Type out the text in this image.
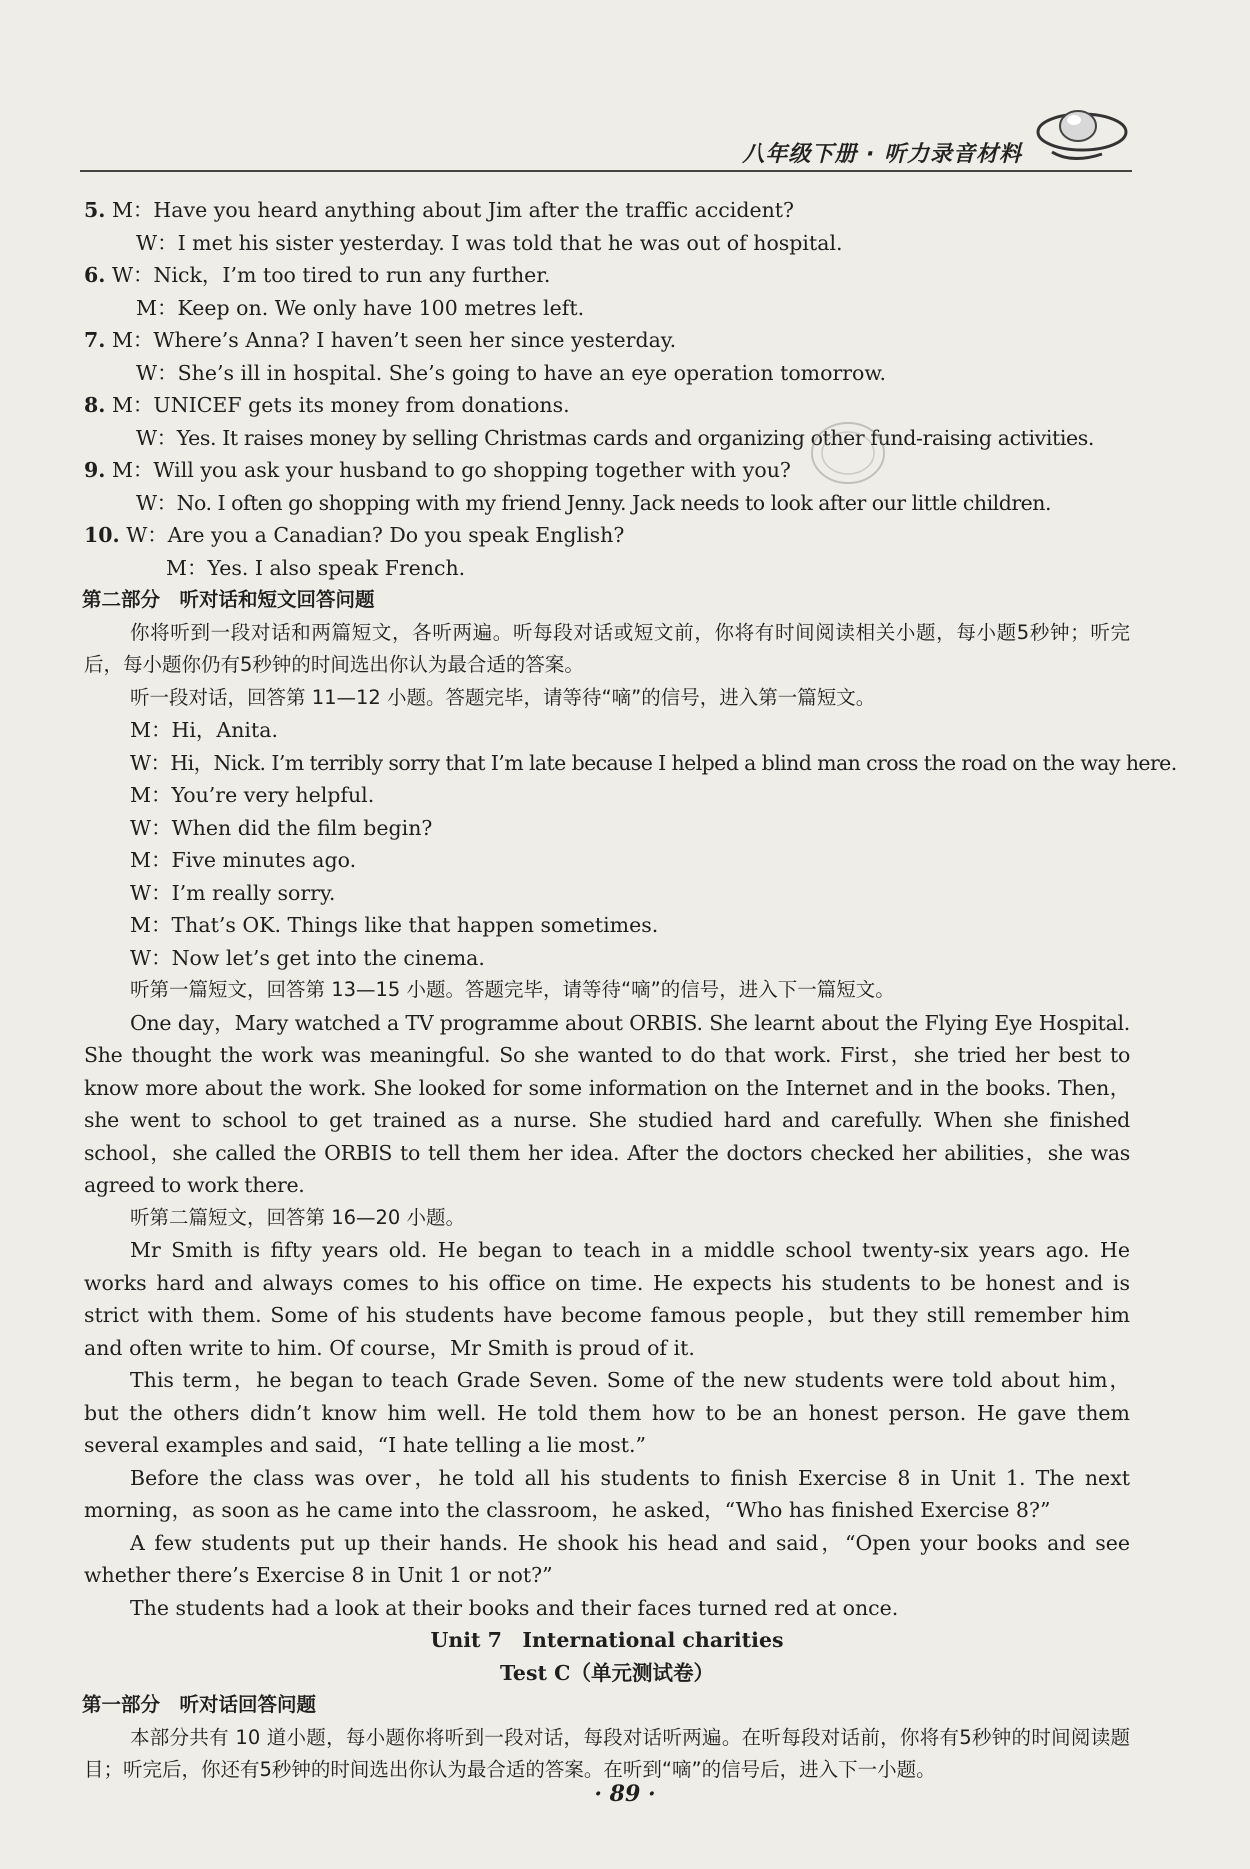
八年级下册 · 听力录音材料
5. M：Have you heard anything about Jim after the traffic accident?
W：I met his sister yesterday. I was told that he was out of hospital.
6. W：Nick，I’m too tired to run any further.
M：Keep on. We only have 100 metres left.
7. M：Where’s Anna? I haven’t seen her since yesterday.
W：She’s ill in hospital. She’s going to have an eye operation tomorrow.
8. M：UNICEF gets its money from donations.
W：Yes. It raises money by selling Christmas cards and organizing other fund-raising activities.
9. M：Will you ask your husband to go shopping together with you?
W：No. I often go shopping with my friend Jenny. Jack needs to look after our little children.
10. W：Are you a Canadian? Do you speak English?
M：Yes. I also speak French.
第二部分　听对话和短文回答问题
你将听到一段对话和两篇短文，各听两遍。听每段对话或短文前，你将有时间阅读相关小题，每小题5秒钟；听完后，每小题你仍有5秒钟的时间选出你认为最合适的答案。
听一段对话，回答第 11—12 小题。答题完毕，请等待“嘀”的信号，进入第一篇短文。
M：Hi，Anita.
W：Hi，Nick. I’m terribly sorry that I’m late because I helped a blind man cross the road on the way here.
M：You’re very helpful.
W：When did the film begin?
M：Five minutes ago.
W：I’m really sorry.
M：That’s OK. Things like that happen sometimes.
W：Now let’s get into the cinema.
听第一篇短文，回答第 13—15 小题。答题完毕，请等待“嘀”的信号，进入下一篇短文。
One day，Mary watched a TV programme about ORBIS. She learnt about the Flying Eye Hospital. She thought the work was meaningful. So she wanted to do that work. First，she tried her best to know more about the work. She looked for some information on the Internet and in the books. Then，she went to school to get trained as a nurse. She studied hard and carefully. When she finished school，she called the ORBIS to tell them her idea. After the doctors checked her abilities，she was agreed to work there.
听第二篇短文，回答第 16—20 小题。
Mr Smith is fifty years old. He began to teach in a middle school twenty-six years ago. He works hard and always comes to his office on time. He expects his students to be honest and is strict with them. Some of his students have become famous people，but they still remember him and often write to him. Of course，Mr Smith is proud of it.
This term，he began to teach Grade Seven. Some of the new students were told about him，but the others didn’t know him well. He told them how to be an honest person. He gave them several examples and said，“I hate telling a lie most.”
Before the class was over，he told all his students to finish Exercise 8 in Unit 1. The next morning，as soon as he came into the classroom，he asked，“Who has finished Exercise 8?”
A few students put up their hands. He shook his head and said，“Open your books and see whether there’s Exercise 8 in Unit 1 or not?”
The students had a look at their books and their faces turned red at once.
Unit 7　International charities
Test C（单元测试卷）
第一部分　听对话回答问题
本部分共有 10 道小题，每小题你将听到一段对话，每段对话听两遍。在听每段对话前，你将有5秒钟的时间阅读题目；听完后，你还有5秒钟的时间选出你认为最合适的答案。在听到“嘀”的信号后，进入下一小题。
· 89 ·
